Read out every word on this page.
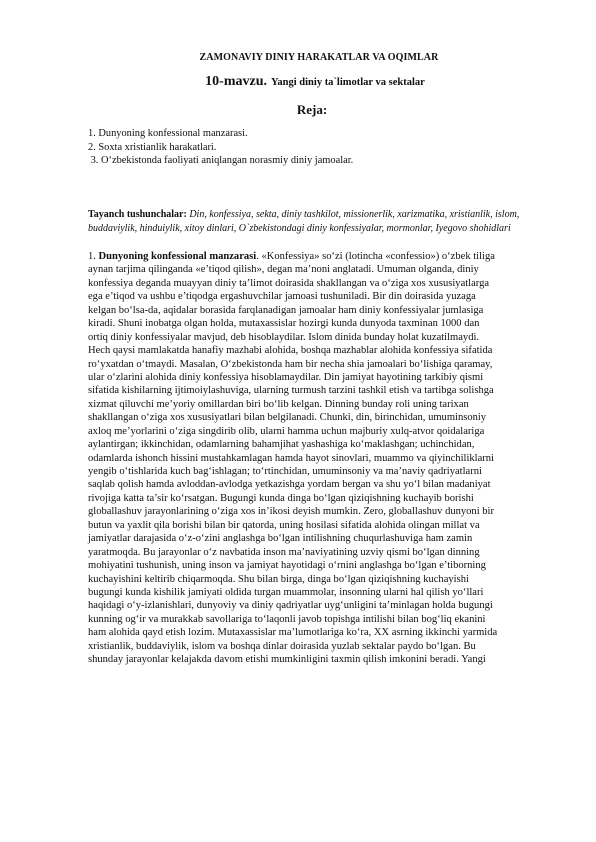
ZAMONAVIY DINIY HARAKATLAR VA OQIMLAR
10-mavzu. Yangi diniy ta`limotlar va sektalar
Reja:
1. Dunyoning konfessional manzarasi.
2. Soxta xristianlik harakatlari.
3. O‘zbekistonda faoliyati aniqlangan norasmiy diniy jamoalar.
Tayanch tushunchalar: Din, konfessiya, sekta, diniy tashkilot, missionerlik, xarizmatika, xristianlik, islom, buddaviylik, hinduiylik, xitoy dinlari, O`zbekistondagi diniy konfessiyalar, mormonlar, Iyegovo shohidlari
1. Dunyoning konfessional manzarasi. «Konfessiya» so‘zi (lotincha «confessio») o‘zbek tiliga
aynan tarjima qilinganda «e’tiqod qilish», degan ma’noni anglatadi. Umuman olganda, diniy
konfessiya deganda muayyan diniy ta’limot doirasida shakllangan va o‘ziga xos xususiyatlarga
ega e’tiqod va ushbu e’tiqodga ergashuvchilar jamoasi tushuniladi. Bir din doirasida yuzaga
kelgan bo‘lsa-da, aqidalar borasida farqlanadigan jamoalar ham diniy konfessiyalar jumlasiga
kiradi. Shuni inobatga olgan holda, mutaxassislar hozirgi kunda dunyoda taxminan 1000 dan
ortiq diniy konfessiyalar mavjud, deb hisoblaydilar. Islom dinida bunday holat kuzatilmaydi.
Hech qaysi mamlakatda hanafiy mazhabi alohida, boshqa mazhablar alohida konfessiya sifatida
ro‘yxatdan o‘tmaydi. Masalan, O‘zbekistonda ham bir necha shia jamoalari bo‘lishiga qaramay,
ular o‘zlarini alohida diniy konfessiya hisoblamaydilar. Din jamiyat hayotining tarkibiy qismi
sifatida kishilarning ijtimoiylashuviga, ularning turmush tarzini tashkil etish va tartibga solishga
xizmat qiluvchi me’yoriy omillardan biri bo‘lib kelgan. Dinning bunday roli uning tarixan
shakllangan o‘ziga xos xususiyatlari bilan belgilanadi. Chunki, din, birinchidan, umuminsoniy
axloq me’yorlarini o‘ziga singdirib olib, ularni hamma uchun majburiy xulq-atvor qoidalariga
aylantirgan; ikkinchidan, odamlarning bahamjihat yashashiga ko‘maklashgan; uchinchidan,
odamlarda ishonch hissini mustahkamlagan hamda hayot sinovlari, muammo va qiyinchiliklarni
yengib o‘tishlarida kuch bag‘ishlagan; to‘rtinchidan, umuminsoniy va ma’naviy qadriyatlarni
saqlab qolish hamda avloddan-avlodga yetkazishga yordam bergan va shu yo‘l bilan madaniyat
rivojiga katta ta’sir ko‘rsatgan. Bugungi kunda dinga bo‘lgan qiziqishning kuchayib borishi
globallashuv jarayonlarining o‘ziga xos in’ikosi deyish mumkin. Zero, globallashuv dunyoni bir
butun va yaxlit qila borishi bilan bir qatorda, uning hosilasi sifatida alohida olingan millat va
jamiyatlar darajasida o‘z-o‘zini anglashga bo‘lgan intilishning chuqurlashuviga ham zamin
yaratmoqda. Bu jarayonlar o‘z navbatida inson ma’naviyatining uzviy qismi bo‘lgan dinning
mohiyatini tushunish, uning inson va jamiyat hayotidagi o‘rnini anglashga bo‘lgan e’tiborning
kuchayishini keltirib chiqarmoqda. Shu bilan birga, dinga bo‘lgan qiziqishning kuchayishi
bugungi kunda kishilik jamiyati oldida turgan muammolar, insonning ularni hal qilish yo‘llari
haqidagi o‘y-izlanishlari, dunyoviy va diniy qadriyatlar uyg‘unligini ta’minlagan holda bugungi
kunning og‘ir va murakkab savollariga to‘laqonli javob topishga intilishi bilan bog‘liq ekanini
ham alohida qayd etish lozim. Mutaxassislar ma’lumotlariga ko‘ra, XX asrning ikkinchi yarmida
xristianlik, buddaviylik, islom va boshqa dinlar doirasida yuzlab sektalar paydo bo‘lgan. Bu
shunday jarayonlar kelajakda davom etishi mumkinligini taxmin qilish imkonini beradi. Yangi
